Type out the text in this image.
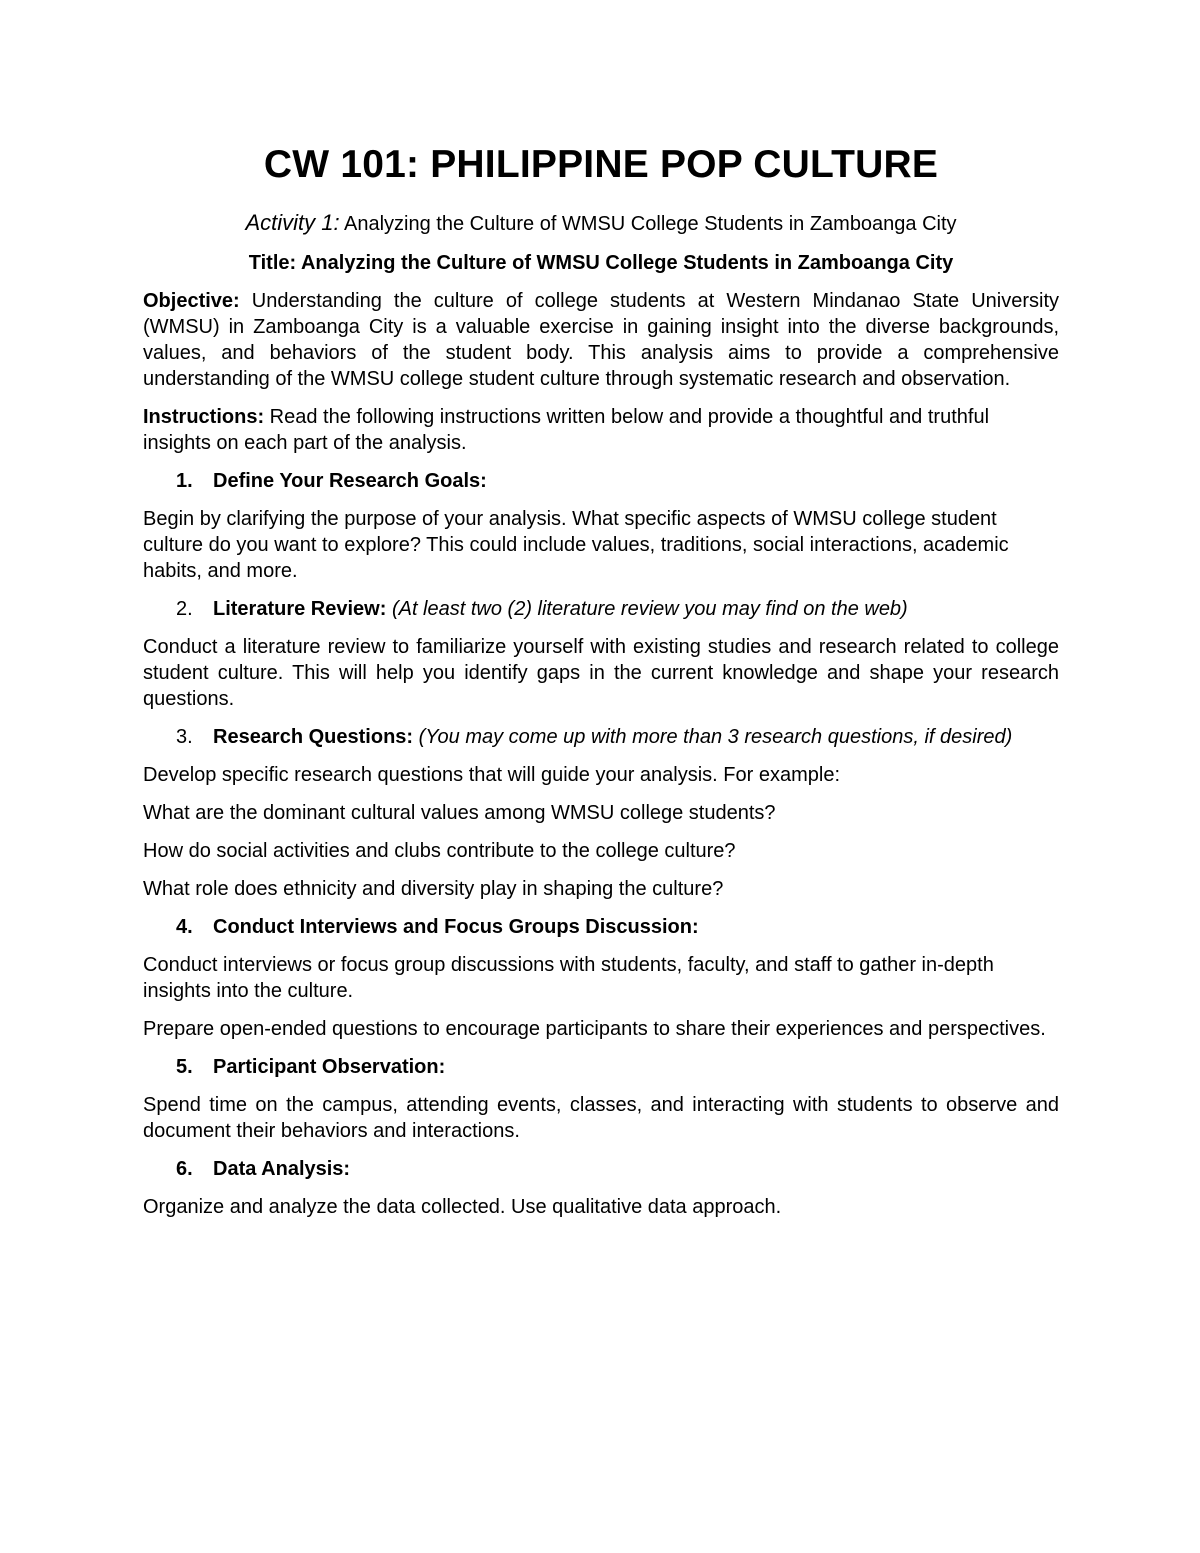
CW 101: PHILIPPINE POP CULTURE
Activity 1: Analyzing the Culture of WMSU College Students in Zamboanga City
Title: Analyzing the Culture of WMSU College Students in Zamboanga City

Objective: Understanding the culture of college students at Western Mindanao State University (WMSU) in Zamboanga City is a valuable exercise in gaining insight into the diverse backgrounds, values, and behaviors of the student body. This analysis aims to provide a comprehensive understanding of the WMSU college student culture through systematic research and observation.

Instructions: Read the following instructions written below and provide a thoughtful and truthful insights on each part of the analysis.

1. Define Your Research Goals:

Begin by clarifying the purpose of your analysis. What specific aspects of WMSU college student culture do you want to explore? This could include values, traditions, social interactions, academic habits, and more.

2. Literature Review: (At least two (2) literature review you may find on the web)

Conduct a literature review to familiarize yourself with existing studies and research related to college student culture. This will help you identify gaps in the current knowledge and shape your research questions.

3. Research Questions: (You may come up with more than 3 research questions, if desired)

Develop specific research questions that will guide your analysis. For example:

What are the dominant cultural values among WMSU college students?

How do social activities and clubs contribute to the college culture?

What role does ethnicity and diversity play in shaping the culture?

4. Conduct Interviews and Focus Groups Discussion:

Conduct interviews or focus group discussions with students, faculty, and staff to gather in-depth insights into the culture.

Prepare open-ended questions to encourage participants to share their experiences and perspectives.

5. Participant Observation:

Spend time on the campus, attending events, classes, and interacting with students to observe and document their behaviors and interactions.

6. Data Analysis:

Organize and analyze the data collected. Use qualitative data approach.
